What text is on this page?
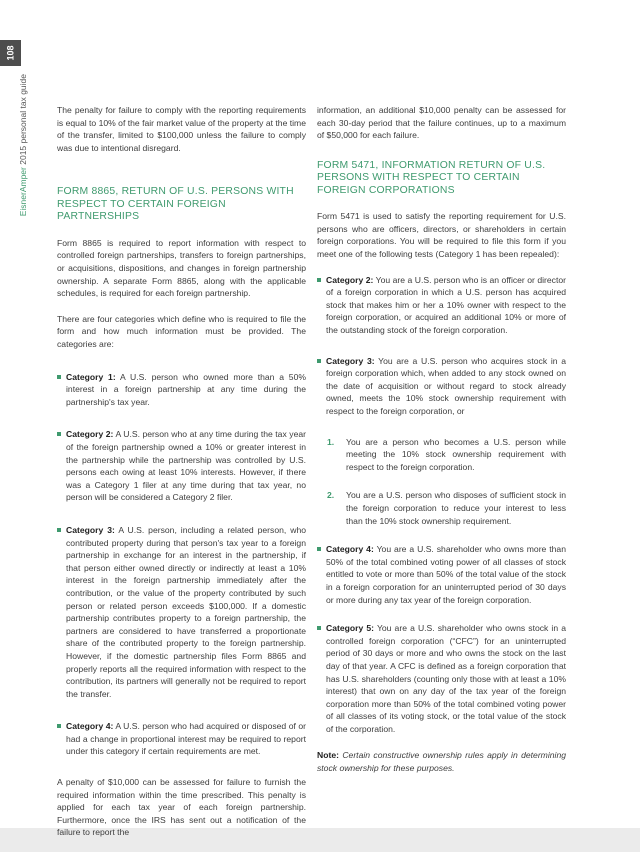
108
EisnerAmper 2015 personal tax guide	The penalty for failure to comply with the reporting requirements is equal to 10% of the fair market value of the property at the time of the transfer, limited to $100,000 unless the failure to comply was due to intentional disregard.

FORM 8865, RETURN OF U.S. PERSONS WITH RESPECT TO CERTAIN FOREIGN PARTNERSHIPS

Form 8865 is required to report information with respect to controlled foreign partnerships, transfers to foreign partnerships, or acquisitions, dispositions, and changes in foreign partnership ownership. A separate Form 8865, along with the applicable schedules, is required for each foreign partnership.

There are four categories which define who is required to file the form and how much information must be provided. The categories are:

Category 1: A U.S. person who owned more than a 50% interest in a foreign partnership at any time during the partnership's tax year.
Category 2: A U.S. person who at any time during the tax year of the foreign partnership owned a 10% or greater interest in the partnership while the partnership was controlled by U.S. persons each owing at least 10% interests. However, if there was a Category 1 filer at any time during that tax year, no person will be considered a Category 2 filer.
Category 3: A U.S. person, including a related person, who contributed property during that person's tax year to a foreign partnership in exchange for an interest in the partnership, if that person either owned directly or indirectly at least a 10% interest in the foreign partnership immediately after the contribution, or the value of the property contributed by such person or related person exceeds $100,000. If a domestic partnership contributes property to a foreign partnership, the partners are considered to have transferred a proportionate share of the contributed property to the foreign partnership. However, if the domestic partnership files Form 8865 and properly reports all the required information with respect to the contribution, its partners will generally not be required to report the transfer.
Category 4: A U.S. person who had acquired or disposed of or had a change in proportional interest may be required to report under this category if certain requirements are met.

A penalty of $10,000 can be assessed for failure to furnish the required information within the time prescribed. This penalty is applied for each tax year of each foreign partnership. Furthermore, once the IRS has sent out a notification of the failure to report the

information, an additional $10,000 penalty can be assessed for each 30-day period that the failure continues, up to a maximum of $50,000 for each failure.

FORM 5471, INFORMATION RETURN OF U.S. PERSONS WITH RESPECT TO CERTAIN FOREIGN CORPORATIONS

Form 5471 is used to satisfy the reporting requirement for U.S. persons who are officers, directors, or shareholders in certain foreign corporations. You will be required to file this form if you meet one of the following tests (Category 1 has been repealed):

Category 2: You are a U.S. person who is an officer or director of a foreign corporation in which a U.S. person has acquired stock that makes him or her a 10% owner with respect to the foreign corporation, or acquired an additional 10% or more of the outstanding stock of the foreign corporation.
Category 3: You are a U.S. person who acquires stock in a foreign corporation which, when added to any stock owned on the date of acquisition or without regard to stock already owned, meets the 10% stock ownership requirement with respect to the foreign corporation, or
1. You are a person who becomes a U.S. person while meeting the 10% stock ownership requirement with respect to the foreign corporation.
2. You are a U.S. person who disposes of sufficient stock in the foreign corporation to reduce your interest to less than the 10% stock ownership requirement.
Category 4: You are a U.S. shareholder who owns more than 50% of the total combined voting power of all classes of stock entitled to vote or more than 50% of the total value of the stock in a foreign corporation for an uninterrupted period of 30 days or more during any tax year of the foreign corporation.
Category 5: You are a U.S. shareholder who owns stock in a controlled foreign corporation (“CFC”) for an uninterrupted period of 30 days or more and who owns the stock on the last day of that year. A CFC is defined as a foreign corporation that has U.S. shareholders (counting only those with at least a 10% interest) that own on any day of the tax year of the foreign corporation more than 50% of the total combined voting power of all classes of its voting stock, or the total value of the stock of the corporation.

Note: Certain constructive ownership rules apply in determining stock ownership for these purposes.
